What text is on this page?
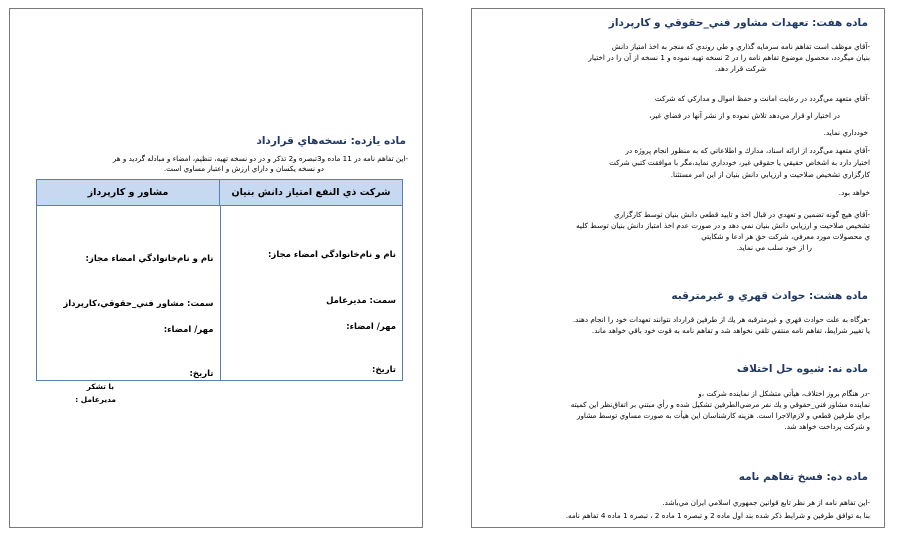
ماده يازده: نسخه‌هاي قرارداد
-اين تفاهم نامه در 11 ماده و3تبصره و2 تذكر و در دو نسخه تهيه، تنظيم، امضاء و مبادله گرديد و هر
دو نسخه يكسان و داراي ارزش و اعتبار مساوي است.
شركت ذي النفع امتياز دانش بنيان
مشاور و كارپرداز
نام و نام‌خانوادگي امضاء مجاز:
سمت: مديرعامل
مهر/ امضاء:
تاريخ:
نام و نام‌خانوادگي امضاء مجاز:
سمت: مشاور فني_حقوقي،كارپرداز
مهر/ امضاء:
تاريخ:
با تشكر
مديرعامل :
ماده هفت: تعهدات مشاور فني_حقوقي و كارپرداز
-آقاي موظف است تفاهم نامه سرمايه گذاري و طي روندي كه منجر به اخذ امتياز دانش
بنيان ميگردد، محصول موضوع تفاهم نامه را در 2 نسخه تهيه نموده و 1 نسخه از آن را در اختيار
شركت قرار دهد.
-آقاي متعهد مي‌گردد در رعايت امانت و حفظ اموال و مداركي كه شركت
در اختيار او قرار مي‌دهد تلاش نموده و از نشر آنها در فضاي غير،
خودداري نمايد.
-آقاي متعهد مي‌گردد از ارائه اسناد، مدارك و اطلاعاتي كه به منظور انجام پروژه در
اختيار دارد به اشخاص حقيقي يا حقوقي غير، خودداري نمايد،مگر با موافقت كتبي شركت
كارگزاري تشخيص صلاحيت و ارزيابي دانش بنيان از اين امر مستثنا.
خواهد بود.
-آقاي هيچ گونه تضمين و تعهدي در قبال اخذ و تاييد قطعي دانش بنيان توسط كارگزاري
تشخيص صلاحيت و ارزيابي دانش بنيان نمي دهد و در صورت عدم اخذ امتياز دانش بنيان توسط كليه
ي محصولات مورد معرفي، شركت حق هر ادعا و شكايتي
را از خود سلب مي نمايد.
ماده هشت: حوادث قهري و غيرمترقبه
-هرگاه به علت حوادث قهري و غيرمترقبه هر يك از طرفين قرارداد نتوانند تعهدات خود را انجام دهند.
يا تغيير شرايط، تفاهم نامه منتفي تلقي نخواهد شد و تفاهم نامه به قوت خود باقي خواهد ماند.
ماده نه: شيوه حل اختلاف
-در هنگام بروز اختلاف، هيأتي متشكل از نماينده شركت ،و
نماينده مشاور فني_حقوقي و يك نفر مرضي‌الطرفين تشكيل شده و رأي مبتني بر اتفاق‌نظر اين كميته
براي طرفين قطعي و لازم‌الاجرا است. هزينه كارشناسان اين هيأت به صورت مساوي توسط مشاور
و شركت پرداخت خواهد شد.
ماده ده: فسخ تفاهم نامه
-اين تفاهم نامه از هر نظر تابع قوانين جمهوري اسلامي ايران مي‌باشد.
بنا به توافق طرفين و شرايط ذكر شده بند اول ماده 2 و تبصره 1 ماده 2 ، تبصره 1 ماده 4 تفاهم نامه.
